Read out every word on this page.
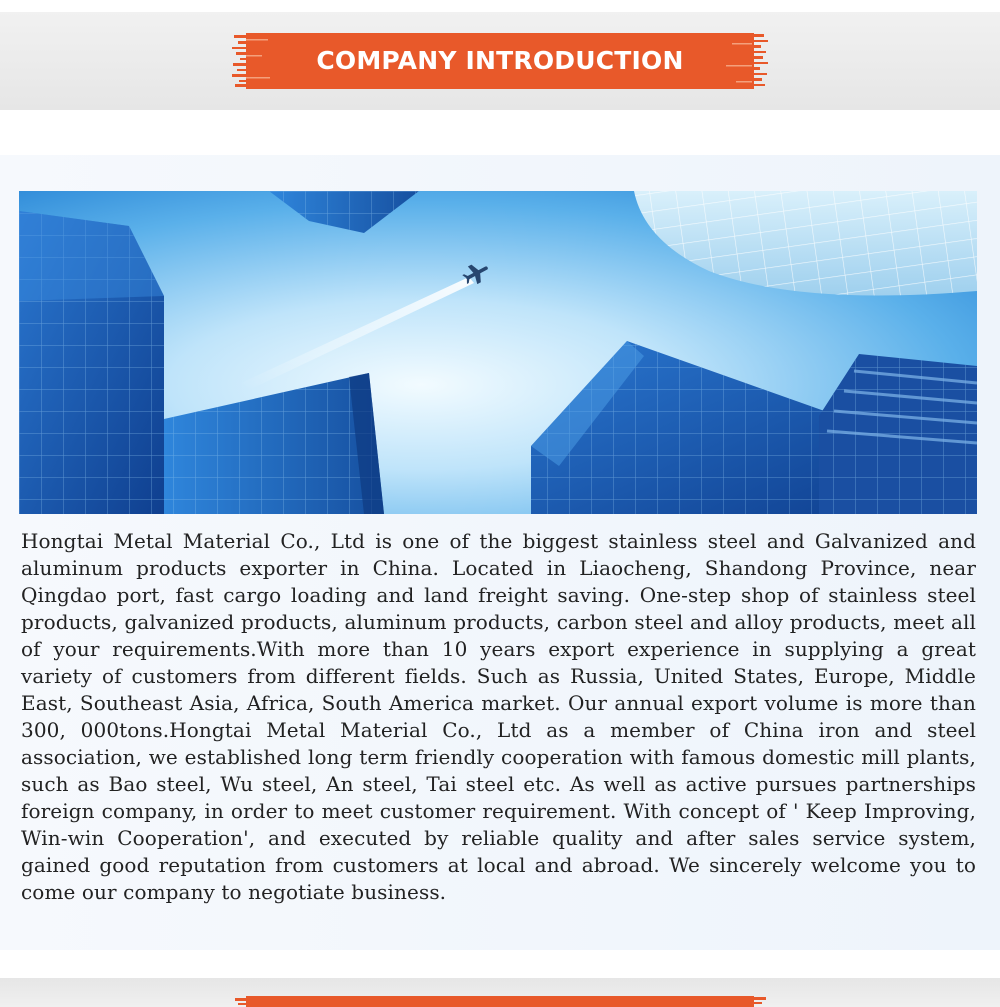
COMPANY INTRODUCTION

Hongtai Metal Material Co., Ltd is one of the biggest stainless steel and Galvanized and aluminum products exporter in China. Located in Liaocheng, Shandong Province, near Qingdao port, fast cargo loading and land freight saving. One-step shop of stainless steel products, galvanized products, aluminum products, carbon steel and alloy products, meet all of your requirements.With more than 10 years export experience in supplying a great variety of customers from different fields. Such as Russia, United States, Europe, Middle East, Southeast Asia, Africa, South America market. Our annual export volume is more than 300, 000tons.Hongtai Metal Material Co., Ltd as a member of China iron and steel association, we established long term friendly cooperation with famous domestic mill plants, such as Bao steel, Wu steel, An steel, Tai steel etc. As well as active pursues partnerships foreign company, in order to meet customer requirement. With concept of ' Keep Improving, Win-win Cooperation', and executed by reliable quality and after sales service system, gained good reputation from customers at local and abroad. We sincerely welcome you to come our company to negotiate business.
